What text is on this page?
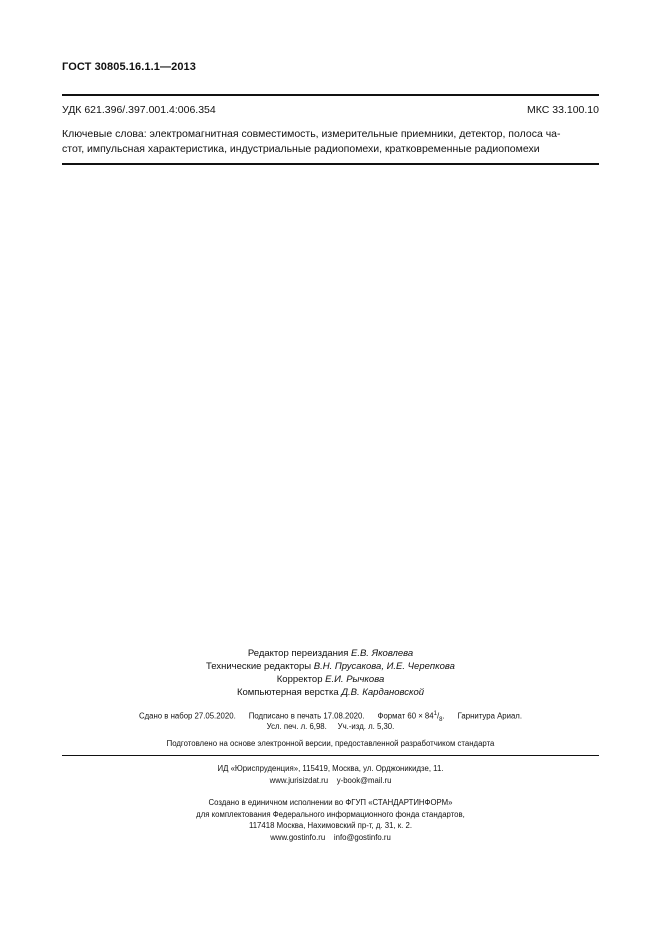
ГОСТ 30805.16.1.1—2013
УДК 621.396/.397.001.4:006.354	МКС 33.100.10
Ключевые слова: электромагнитная совместимость, измерительные приемники, детектор, полоса ча-
стот, импульсная характеристика, индустриальные радиопомехи, кратковременные радиопомехи
Редактор переиздания Е.В. Яковлева
Технические редакторы В.Н. Прусакова, И.Е. Черепкова
Корректор Е.И. Рычкова
Компьютерная верстка Д.В. Кардановской
Сдано в набор 27.05.2020. Подписано в печать 17.08.2020. Формат $60 \times 84^1/_8$.      Гарнитура Ариал.
Усл. печ. л. 6,98. Уч.-изд. л. 5,30.
Подготовлено на основе электронной версии, предоставленной разработчиком стандарта
ИД «Юриспруденция», 115419, Москва, ул. Орджоникидзе, 11.
www.jurisizdat.ru    y-book@mail.ru
Создано в единичном исполнении во ФГУП «СТАНДАРТИНФОРМ»
для комплектования Федерального информационного фонда стандартов,
117418 Москва, Нахимовский пр-т, д. 31, к. 2.
www.gostinfo.ru    info@gostinfo.ru
